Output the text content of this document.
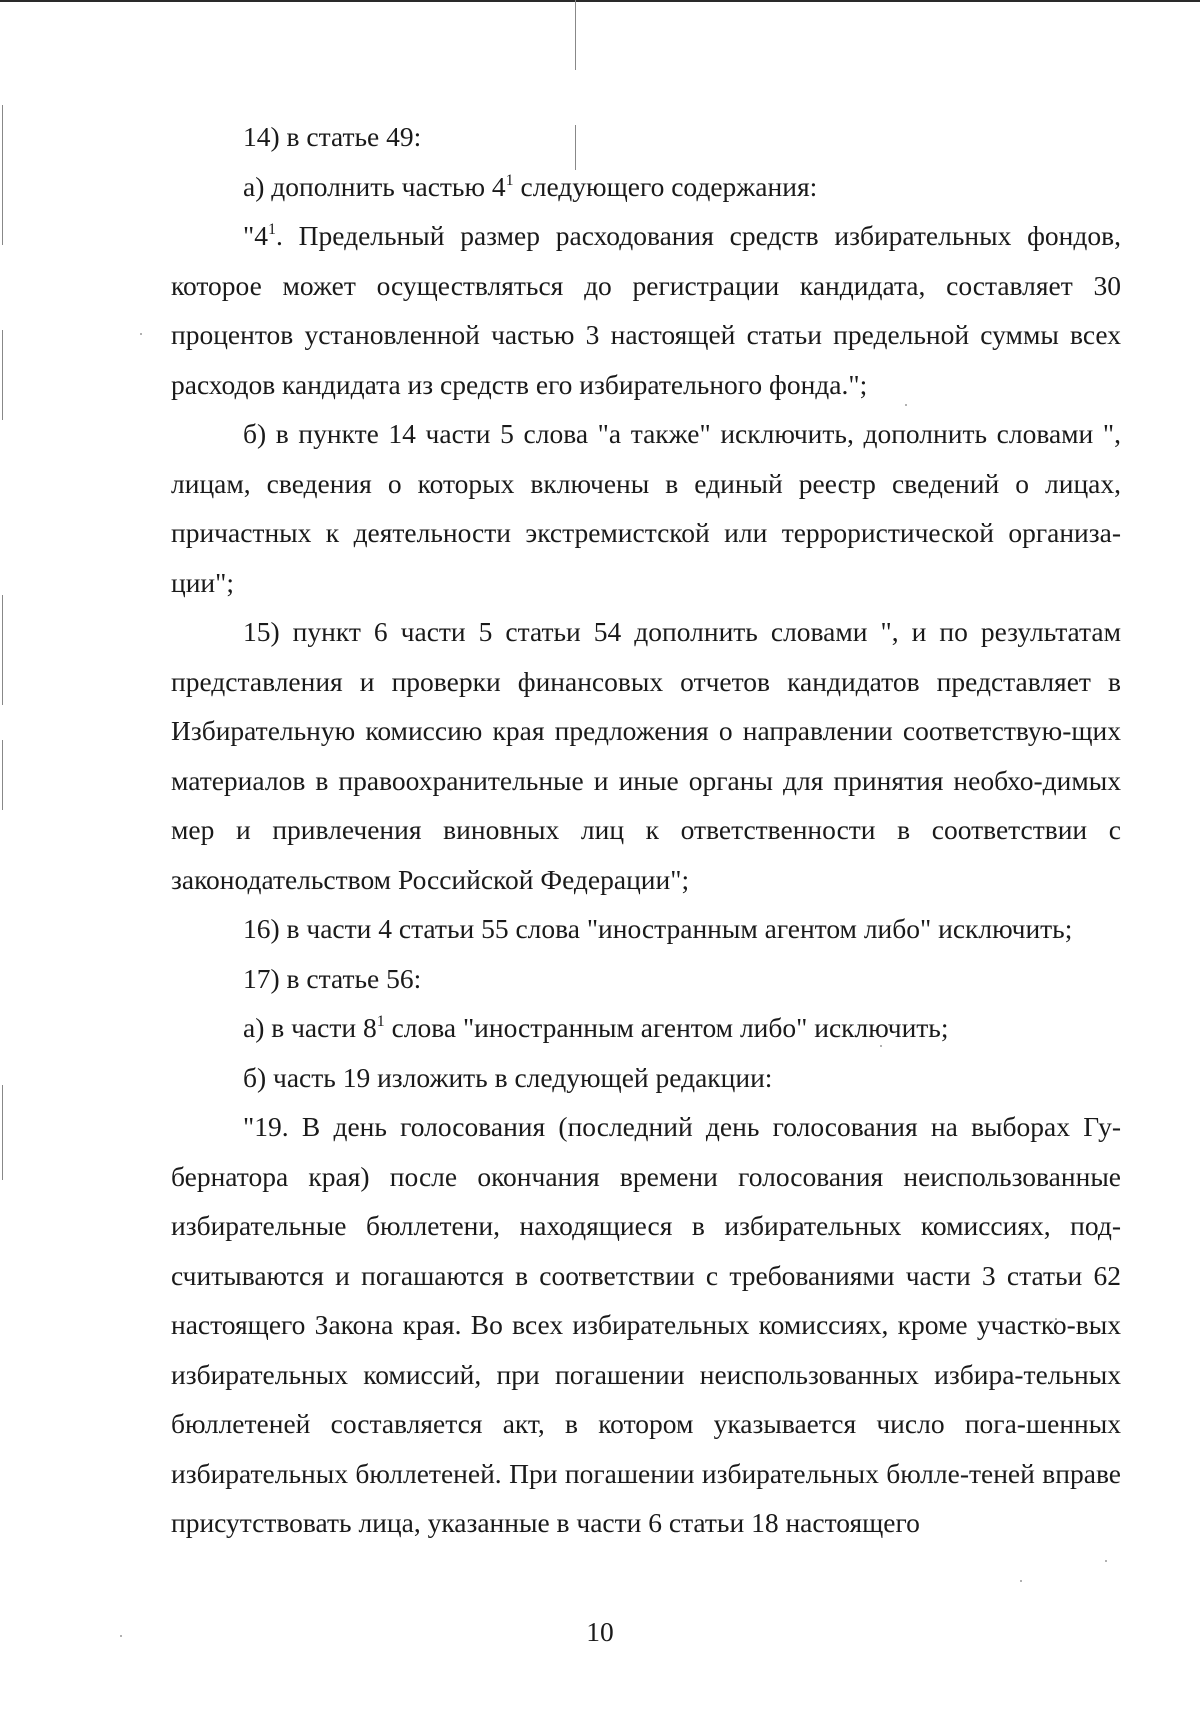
14) в статье 49:

а) дополнить частью $4^1$ следующего содержания:

"$4^1$. Предельный размер расходования средств избирательных фондов, которое может осуществляться до регистрации кандидата, составляет 30 процентов установленной частью 3 настоящей статьи предельной суммы всех расходов кандидата из средств его избирательного фонда.";

б) в пункте 14 части 5 слова "а также" исключить, дополнить словами ", лицам, сведения о которых включены в единый реестр сведений о лицах, причастных к деятельности экстремистской или террористической организа-ции";

15) пункт 6 части 5 статьи 54 дополнить словами ", и по результатам представления и проверки финансовых отчетов кандидатов представляет в Избирательную комиссию края предложения о направлении соответствую-щих материалов в правоохранительные и иные органы для принятия необхо-димых мер и привлечения виновных лиц к ответственности в соответствии с законодательством Российской Федерации";

16) в части 4 статьи 55 слова "иностранным агентом либо" исключить;

17) в статье 56:

а) в части $8^1$ слова "иностранным агентом либо" исключить;

б) часть 19 изложить в следующей редакции:

"19. В день голосования (последний день голосования на выборах Гу-бернатора края) после окончания времени голосования неиспользованные избирательные бюллетени, находящиеся в избирательных комиссиях, под-считываются и погашаются в соответствии с требованиями части 3 статьи 62 настоящего Закона края. Во всех избирательных комиссиях, кроме участко-вых избирательных комиссий, при погашении неиспользованных избира-тельных бюллетеней составляется акт, в котором указывается число пога-шенных избирательных бюллетеней. При погашении избирательных бюлле-теней вправе присутствовать лица, указанные в части 6 статьи 18 настоящего

10
